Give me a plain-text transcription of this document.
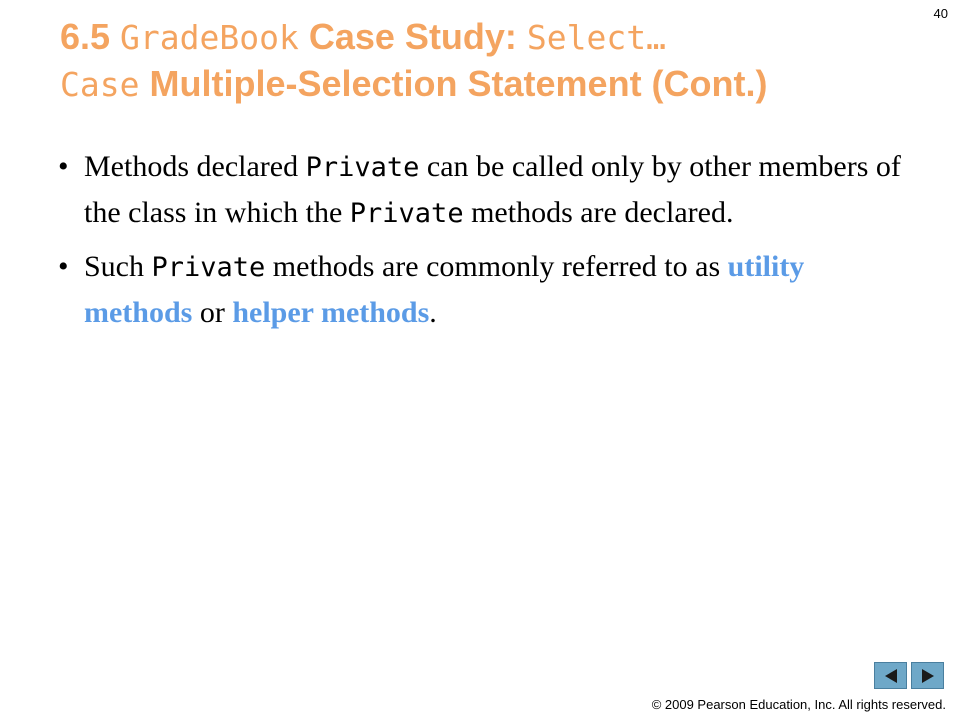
40
6.5 GradeBook Case Study: Select…
Case Multiple-Selection Statement (Cont.)
• Methods declared Private can be called only by other members of the class in which the Private methods are declared.
• Such Private methods are commonly referred to as utility methods or helper methods.
© 2009 Pearson Education, Inc. All rights reserved.
